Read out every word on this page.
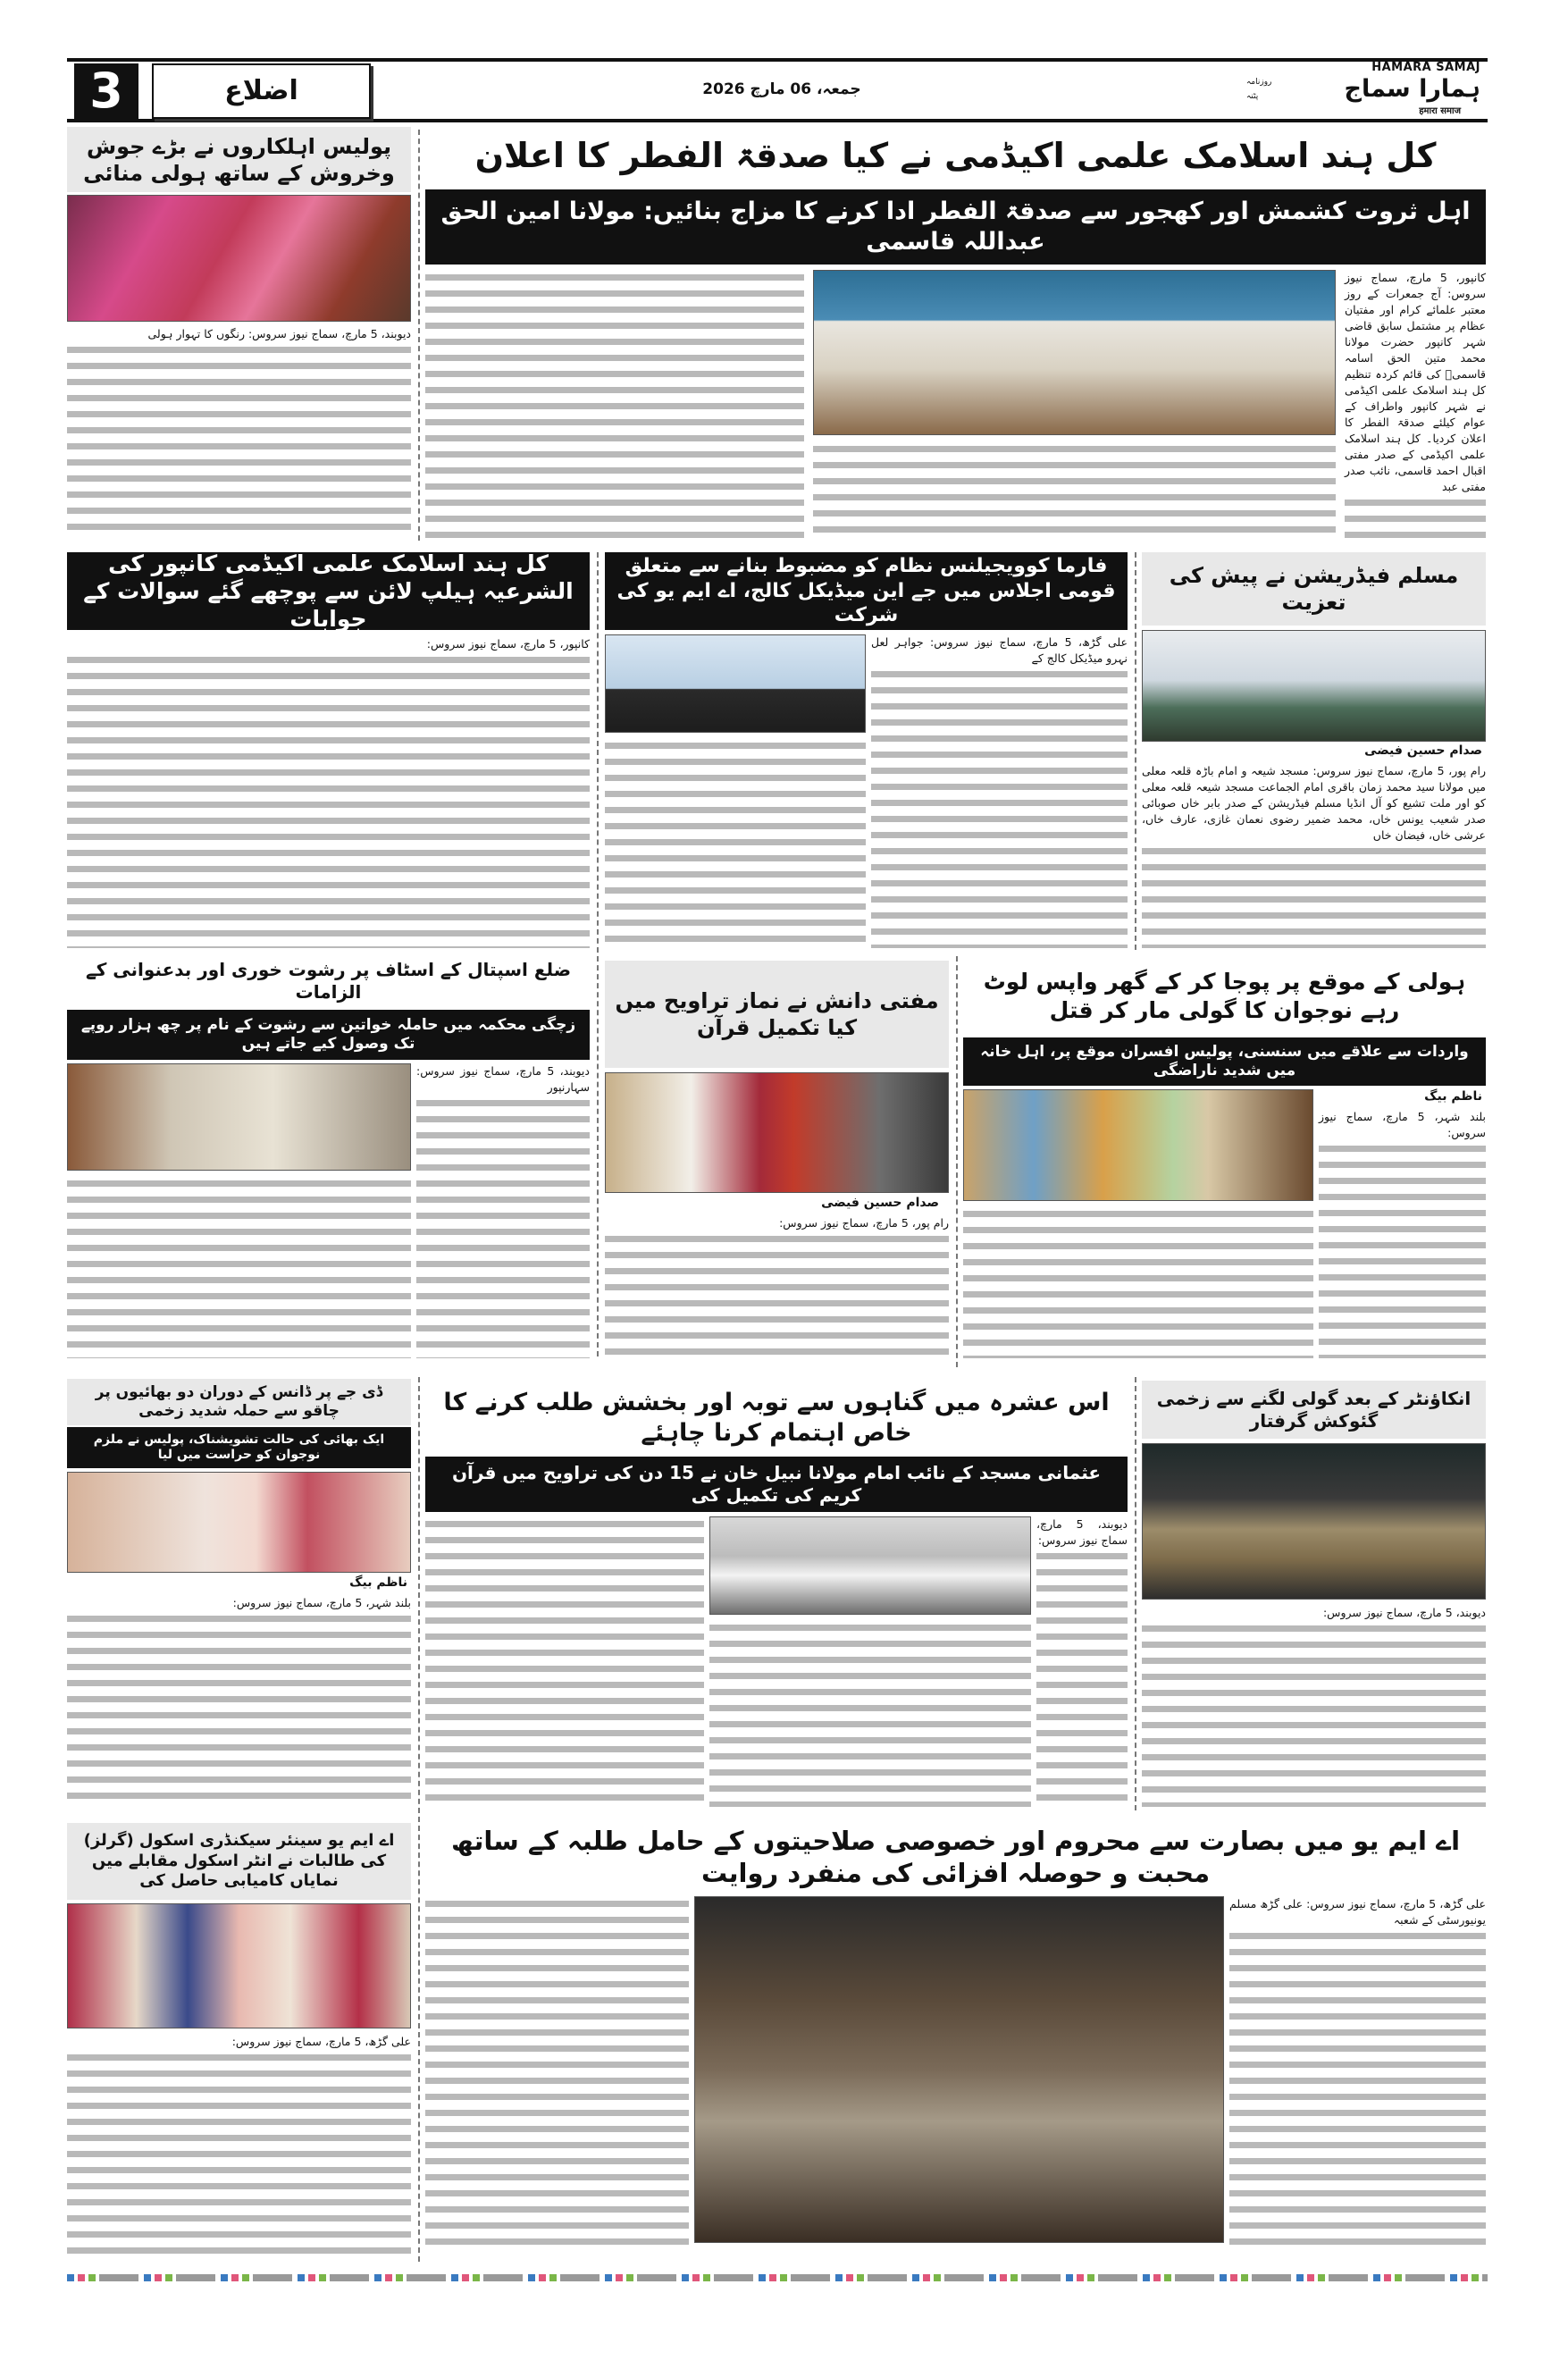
3	اضلاع	جمعہ، 06 مارچ 2026
HAMARA SAMAJ
روزنامہ
پٹنہ	ہمارا سماج
हमारा समाज
پولیس اہلکاروں نے بڑے جوش وخروش کے ساتھ ہولی منائی
دیوبند، 5 مارچ، سماج نیوز سروس: رنگوں کا تہوار ہولی
کل ہند اسلامک علمی اکیڈمی نے کیا صدقۃ الفطر کا اعلان
اہل ثروت کشمش اور کھجور سے صدقۃ الفطر ادا کرنے کا مزاج بنائیں: مولانا امین الحق عبداللہ قاسمی
کانپور، 5 مارچ، سماج نیوز سروس: آج جمعرات کے روز معتبر علمائے کرام اور مفتیان عظام پر مشتمل سابق قاضی شہر کانپور حضرت مولانا محمد متین الحق اسامہ قاسمیؒ کی قائم کردہ تنظیم کل ہند اسلامک علمی اکیڈمی نے شہر کانپور واطراف کے عوام کیلئے صدقۃ الفطر کا اعلان کردیا۔ کل ہند اسلامک علمی اکیڈمی کے صدر مفتی اقبال احمد قاسمی، نائب صدر مفتی عبد
کل ہند اسلامک علمی اکیڈمی کانپور کی الشرعیہ ہیلپ لائن سے پوچھے گئے سوالات کے جوابات
کانپور، 5 مارچ، سماج نیوز سروس:
فارما کوویجیلنس نظام کو مضبوط بنانے سے متعلق قومی اجلاس میں جے این میڈیکل کالج، اے ایم یو کی شرکت
علی گڑھ، 5 مارچ، سماج نیوز سروس: جواہر لعل نہرو میڈیکل کالج کے
مسلم فیڈریشن نے پیش کی تعزیت
صدام حسین فیضی
رام پور، 5 مارچ، سماج نیوز سروس: مسجد شیعہ و امام باڑہ قلعہ معلی میں مولانا سید محمد زمان باقری امام الجماعت مسجد شیعہ قلعہ معلی کو اور ملت تشیع کو آل انڈیا مسلم فیڈریشن کے صدر بابر خاں صوبائی صدر شعیب یونس خاں، محمد ضمیر رضوی نعمان غازی، عارف خاں، عرشی خاں، فیضان خاں
ضلع اسپتال کے اسٹاف پر رشوت خوری اور بدعنوانی کے الزامات
زچگی محکمہ میں حاملہ خواتین سے رشوت کے نام پر چھ ہزار روپے تک وصول کیے جاتے ہیں
دیوبند، 5 مارچ، سماج نیوز سروس: سہارنپور
مفتی دانش نے نماز تراویح میں کیا تکمیل قرآن
صدام حسین فیضی
رام پور، 5 مارچ، سماج نیوز سروس:
ہولی کے موقع پر پوجا کر کے گھر واپس لوٹ رہے نوجوان کا گولی مار کر قتل
واردات سے علاقے میں سنسنی، پولیس افسران موقع پر، اہل خانہ میں شدید ناراضگی
ناظم بیگ
بلند شہر، 5 مارچ، سماج نیوز سروس:
ڈی جے پر ڈانس کے دوران دو بھائیوں پر چاقو سے حملہ شدید زخمی
ایک بھائی کی حالت تشویشناک، پولیس نے ملزم نوجوان کو حراست میں لیا
ناظم بیگ
بلند شہر، 5 مارچ، سماج نیوز سروس:
اس عشرہ میں گناہوں سے توبہ اور بخشش طلب کرنے کا خاص اہتمام کرنا چاہئے
عثمانی مسجد کے نائب امام مولانا نبیل خان نے 15 دن کی تراویح میں قرآن کریم کی تکمیل کی
دیوبند، 5 مارچ، سماج نیوز سروس:
انکاؤنٹر کے بعد گولی لگنے سے زخمی گئوکش گرفتار
دیوبند، 5 مارچ، سماج نیوز سروس:
اے ایم یو سینئر سیکنڈری اسکول (گرلز) کی طالبات نے انٹر اسکول مقابلے میں نمایاں کامیابی حاصل کی
علی گڑھ، 5 مارچ، سماج نیوز سروس:
اے ایم یو میں بصارت سے محروم اور خصوصی صلاحیتوں کے حامل طلبہ کے ساتھ محبت و حوصلہ افزائی کی منفرد روایت
علی گڑھ، 5 مارچ، سماج نیوز سروس: علی گڑھ مسلم یونیورسٹی کے شعبہ
